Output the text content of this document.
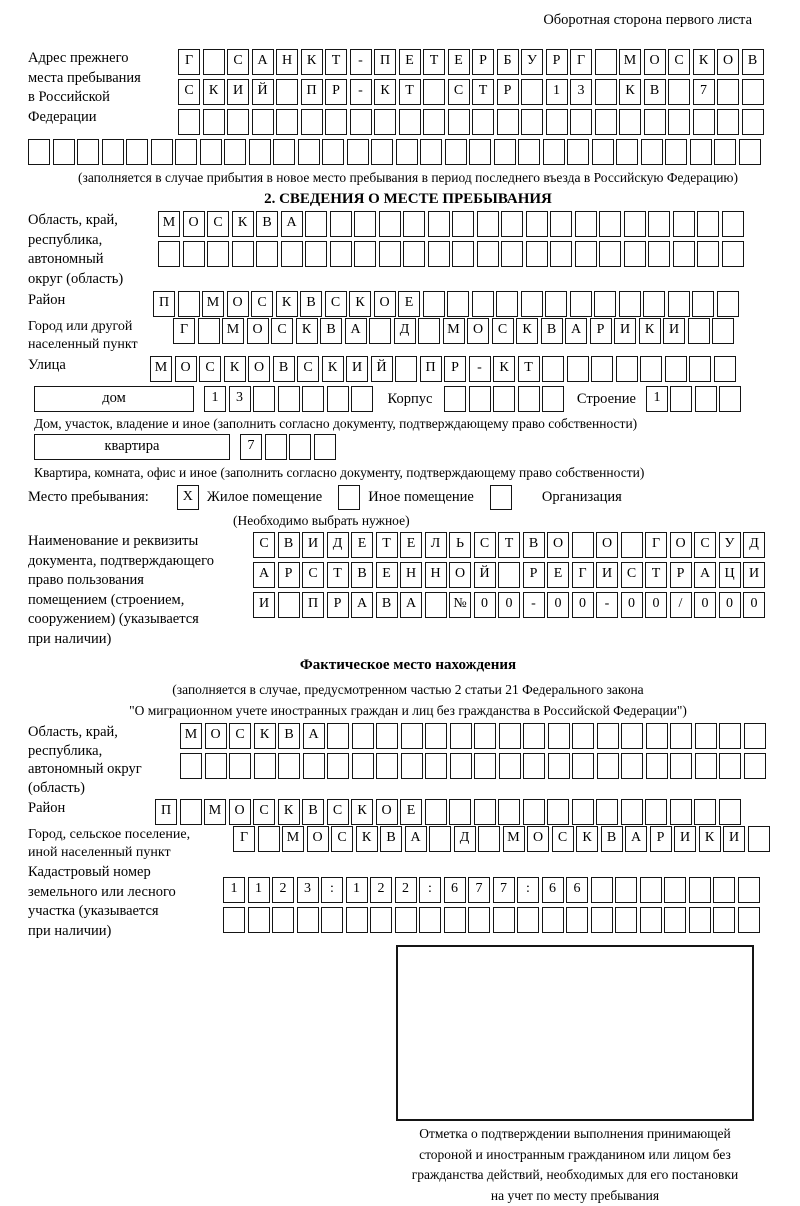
Оборотная сторона первого листа
Адрес прежнего
места пребывания
в Российской
Федерации
Г	С	А	Н	К	Т	-	П	Е	Т	Е	Р	Б	У	Р	Г	М О	С	К	О	В
С	К	И	Й	П	Р	-	К	Т	С	Т	Р	1	3	К	В	7
(заполняется в случае прибытия в новое место пребывания в период последнего въезда в Российскую Федерацию)
2. СВЕДЕНИЯ О МЕСТЕ ПРЕБЫВАНИЯ
Область, край,
республика,
автономный
округ (область)
М О	С	К	В	А
Район	П	М О	С	К	В	С	К	О	Е
Город или другой
населенный пункт
Г	М О	С	К	В	А	Д	М О	С	К	В	А	Р	И	К	И
Улица	М О	С	К	О	В	С	К	И	Й	П	Р	-	К	Т
дом	1	3	Корпус	Строение	1
Дом, участок, владение и иное (заполнить согласно документу, подтверждающему право собственности)
квартира	7
Квартира, комната, офис и иное (заполнить согласно документу, подтверждающему право собственности)
Место пребывания:	X Жилое помещение	Иное помещение	Организация
(Необходимо выбрать нужное)
Наименование и реквизиты
документа, подтверждающего
право пользования
помещением (строением,
сооружением) (указывается
при наличии)
С	В	И	Д	Е	Т	Е	Л	Ь	С	Т	В	О	О	Г	О	С	У	Д
А	Р	С	Т	В	Е	Н	Н	О	Й	Р	Е	Г	И	С	Т	Р	А	Ц	И
И	П	Р	А	В	А	№	0	0	-	0	0	-	0	0	/	0	0	0
Фактическое место нахождения
(заполняется в случае, предусмотренном частью 2 статьи 21 Федерального закона
"О миграционном учете иностранных граждан и лиц без гражданства в Российской Федерации")
Область, край,
республика,
автономный округ
(область)
М О	С	К	В	А
Район	П	М О	С	К	В	С	К	О	Е
Город, сельское поселение,
иной населенный пункт
Г	М О	С	К	В	А	Д	М О	С	К	В	А	Р	И	К	И
Кадастровый номер
земельного или лесного
участка (указывается
при наличии)
1	1	2	3	:	1	2	2	:	6	7	7	:	6	6
Отметка о подтверждении выполнения принимающей
стороной и иностранным гражданином или лицом без
гражданства действий, необходимых для его постановки
на учет по месту пребывания
